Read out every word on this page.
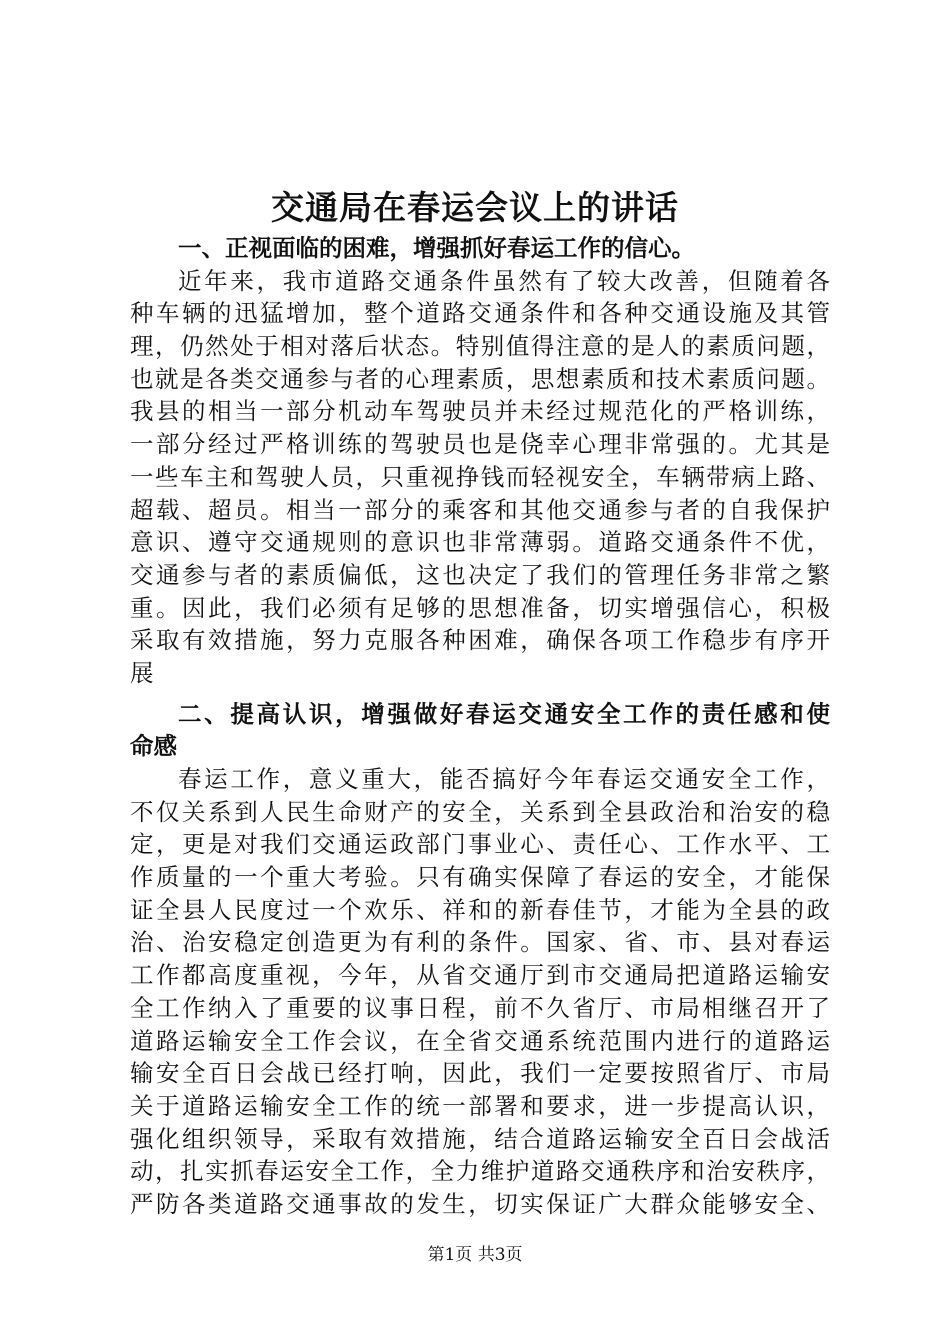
交通局在春运会议上的讲话
一、正视面临的困难，增强抓好春运工作的信心。
近年来，我市道路交通条件虽然有了较大改善，但随着各
种车辆的迅猛增加，整个道路交通条件和各种交通设施及其管
理，仍然处于相对落后状态。特别值得注意的是人的素质问题，
也就是各类交通参与者的心理素质，思想素质和技术素质问题。
我县的相当一部分机动车驾驶员并未经过规范化的严格训练，
一部分经过严格训练的驾驶员也是侥幸心理非常强的。尤其是
一些车主和驾驶人员，只重视挣钱而轻视安全，车辆带病上路、
超载、超员。相当一部分的乘客和其他交通参与者的自我保护
意识、遵守交通规则的意识也非常薄弱。道路交通条件不优，
交通参与者的素质偏低，这也决定了我们的管理任务非常之繁
重。因此，我们必须有足够的思想准备，切实增强信心，积极
采取有效措施，努力克服各种困难，确保各项工作稳步有序开
展
二、提高认识，增强做好春运交通安全工作的责任感和使
命感
春运工作，意义重大，能否搞好今年春运交通安全工作，
不仅关系到人民生命财产的安全，关系到全县政治和治安的稳
定，更是对我们交通运政部门事业心、责任心、工作水平、工
作质量的一个重大考验。只有确实保障了春运的安全，才能保
证全县人民度过一个欢乐、祥和的新春佳节，才能为全县的政
治、治安稳定创造更为有利的条件。国家、省、市、县对春运
工作都高度重视，今年，从省交通厅到市交通局把道路运输安
全工作纳入了重要的议事日程，前不久省厅、市局相继召开了
道路运输安全工作会议，在全省交通系统范围内进行的道路运
输安全百日会战已经打响，因此，我们一定要按照省厅、市局
关于道路运输安全工作的统一部署和要求，进一步提高认识，
强化组织领导，采取有效措施，结合道路运输安全百日会战活
动，扎实抓春运安全工作，全力维护道路交通秩序和治安秩序，
严防各类道路交通事故的发生，切实保证广大群众能够安全、
第1页 共3页
